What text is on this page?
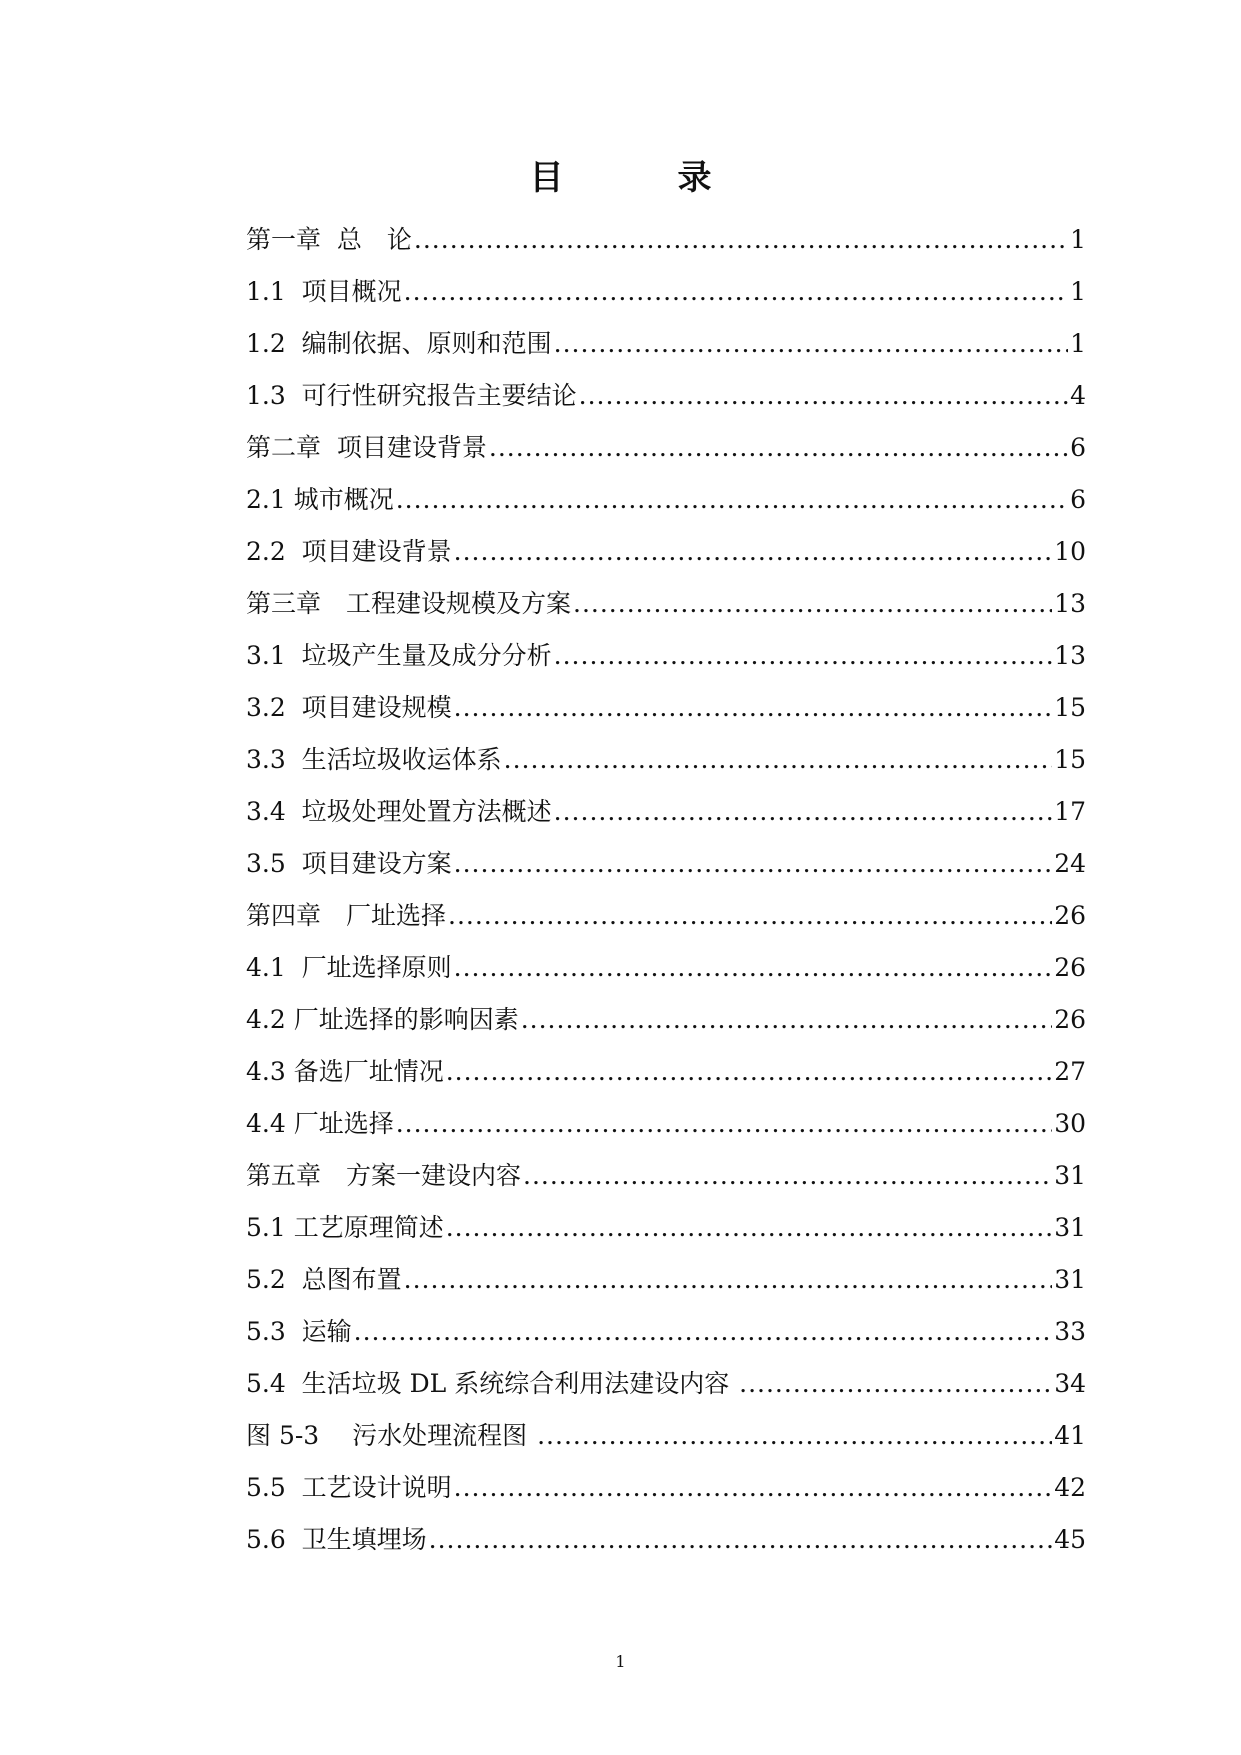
目　录
第一章  总　论 .....	1
1.1  项目概况 .....	1
1.2  编制依据、原则和范围 .....	1
1.3  可行性研究报告主要结论 .....	4
第二章  项目建设背景 .....	6
2.1 城市概况 .....	6
2.2  项目建设背景 .....	10
第三章　工程建设规模及方案 .....	13
3.1  垃圾产生量及成分分析 .....	13
3.2  项目建设规模 .....	15
3.3  生活垃圾收运体系 .....	15
3.4  垃圾处理处置方法概述 .....	17
3.5  项目建设方案 .....	24
第四章　厂址选择 .....	26
4.1  厂址选择原则 .....	26
4.2 厂址选择的影响因素 .....	26
4.3 备选厂址情况 .....	27
4.4 厂址选择 .....	30
第五章　方案一建设内容 .....	31
5.1 工艺原理简述 .....	31
5.2  总图布置 .....	31
5.3  运输 .....	33
5.4  生活垃圾 DL 系统综合利用法建设内容 .....	34
图 5-3　 污水处理流程图 .....	41
5.5  工艺设计说明 .....	42
5.6  卫生填埋场 .....	45
1
